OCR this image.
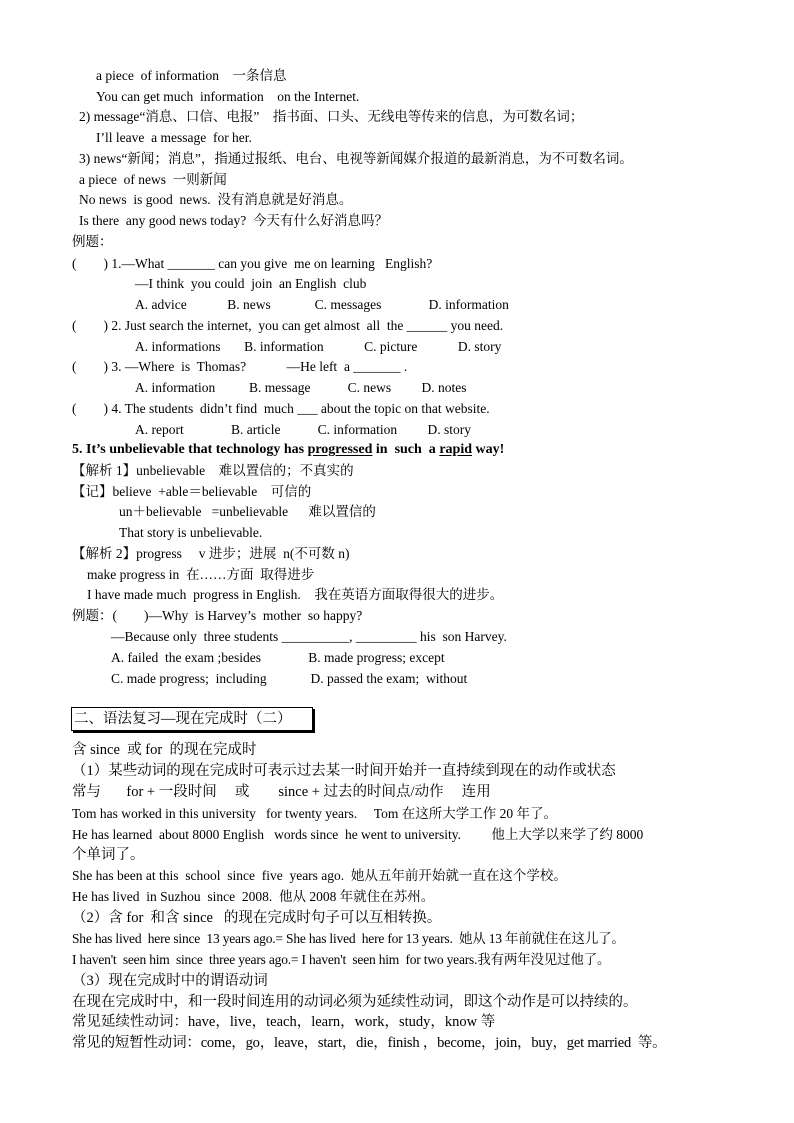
a piece  of information    一条信息
You can get much  information    on the Internet.
2) message“消息、口信、电报”    指书面、口头、无线电等传来的信息，为可数名词；
I’ll leave  a message  for her.
3) news“新闻；消息”，指通过报纸、电台、电视等新闻媒介报道的最新消息，为不可数名词。
a piece  of news  一则新闻
No news  is good  news.  没有消息就是好消息。
Is there  any good news today?  今天有什么好消息吗？
例题：
(        ) 1.—What _______ can you give  me on learning   English?
—I think  you could  join  an English  club
A. advice            B. news             C. messages              D. information
(        ) 2. Just search the internet,  you can get almost  all  the ______ you need.
A. informations       B. information            C. picture            D. story
(        ) 3. —Where  is  Thomas?            —He left  a _______ .
A. information          B. message           C. news         D. notes
(        ) 4. The students  didn’t find  much ___ about the topic on that website.
A. report              B. article           C. information         D. story
5. It’s unbelievable that technology has progressed in  such  a rapid way!
【解析 1】unbelievable    难以置信的；不真实的
【记】believe  +able＝believable    可信的
un＋believable   =unbelievable      难以置信的
That story is unbelievable.
【解析 2】progress     v 进步；进展  n(不可数 n)
make progress in  在……方面  取得进步
I have made much  progress in English.    我在英语方面取得很大的进步。
例题：(        )—Why  is Harvey’s  mother  so happy?
—Because only  three students __________, _________ his  son Harvey.
A. failed  the exam ;besides              B. made progress; except
C. made progress;  including             D. passed the exam;  without
二、语法复习—现在完成时（二）
含 since  或 for  的现在完成时
（1）某些动词的现在完成时可表示过去某一时间开始并一直持续到现在的动作或状态
常与       for + 一段时间     或        since + 过去的时间点/动作     连用
Tom has worked in this university   for twenty years.     Tom 在这所大学工作 20 年了。
He has learned  about 8000 English   words since  he went to university.         他上大学以来学了约 8000
个单词了。
She has been at this  school  since  five  years ago.  她从五年前开始就一直在这个学校。
He has lived  in Suzhou  since  2008.  他从 2008 年就住在苏州。
（2）含 for  和含 since   的现在完成时句子可以互相转换。
She has lived  here since  13 years ago.= She has lived  here for 13 years.  她从 13 年前就住在这儿了。
I haven't  seen him  since  three years ago.= I haven't  seen him  for two years.我有两年没见过他了。
（3）现在完成时中的谓语动词
在现在完成时中，和一段时间连用的动词必须为延续性动词，即这个动作是可以持续的。
常见延续性动词：have，live，teach，learn，work，study，know 等
常见的短暂性动词：come，go，leave，start，die，finish ，become，join，buy，get married  等。
